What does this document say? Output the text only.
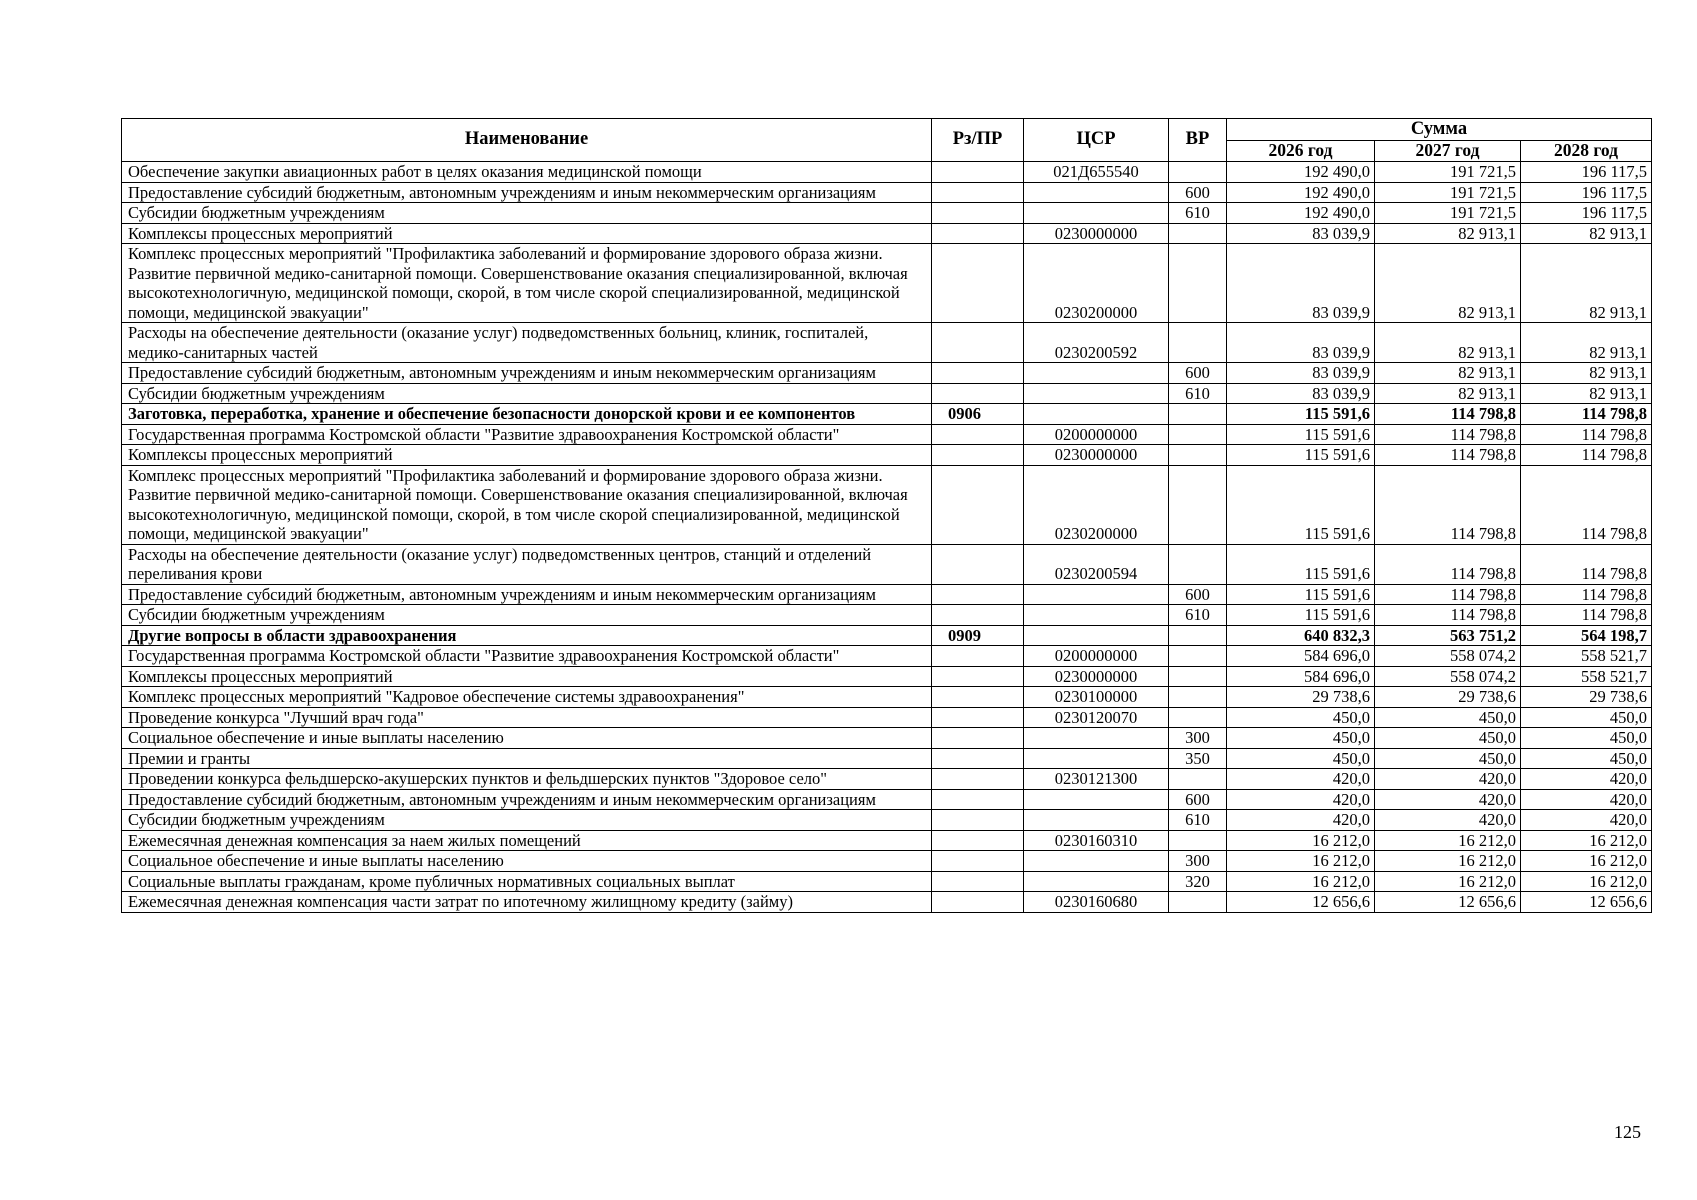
Наименование	Рз/ПР	ЦСР	ВР	Сумма		
				2026 год	2027 год	2028 год
Обеспечение закупки авиационных работ в целях оказания медицинской помощи		021Д655540		192 490,0	191 721,5	196 117,5
Предоставление субсидий бюджетным, автономным учреждениям и иным некоммерческим организациям			600	192 490,0	191 721,5	196 117,5
Субсидии бюджетным учреждениям			610	192 490,0	191 721,5	196 117,5
Комплексы процессных мероприятий		0230000000		83 039,9	82 913,1	82 913,1
Комплекс процессных мероприятий "Профилактика заболеваний и формирование здорового образа жизни. Развитие первичной медико-санитарной помощи. Совершенствование оказания специализированной, включая высокотехнологичную, медицинской помощи, скорой, в том числе скорой специализированной, медицинской помощи, медицинской эвакуации"		0230200000		83 039,9	82 913,1	82 913,1
Расходы на обеспечение деятельности (оказание услуг) подведомственных больниц, клиник, госпиталей, медико-санитарных частей		0230200592		83 039,9	82 913,1	82 913,1
Предоставление субсидий бюджетным, автономным учреждениям и иным некоммерческим организациям			600	83 039,9	82 913,1	82 913,1
Субсидии бюджетным учреждениям			610	83 039,9	82 913,1	82 913,1
Заготовка, переработка, хранение и обеспечение безопасности донорской крови и ее компонентов	0906			115 591,6	114 798,8	114 798,8
Государственная программа Костромской области "Развитие здравоохранения Костромской области"		0200000000		115 591,6	114 798,8	114 798,8
Комплексы процессных мероприятий		0230000000		115 591,6	114 798,8	114 798,8
Комплекс процессных мероприятий "Профилактика заболеваний и формирование здорового образа жизни. Развитие первичной медико-санитарной помощи. Совершенствование оказания специализированной, включая высокотехнологичную, медицинской помощи, скорой, в том числе скорой специализированной, медицинской помощи, медицинской эвакуации"		0230200000		115 591,6	114 798,8	114 798,8
Расходы на обеспечение деятельности (оказание услуг) подведомственных центров, станций и отделений переливания крови		0230200594		115 591,6	114 798,8	114 798,8
Предоставление субсидий бюджетным, автономным учреждениям и иным некоммерческим организациям			600	115 591,6	114 798,8	114 798,8
Субсидии бюджетным учреждениям			610	115 591,6	114 798,8	114 798,8
Другие вопросы в области здравоохранения	0909			640 832,3	563 751,2	564 198,7
Государственная программа Костромской области "Развитие здравоохранения Костромской области"		0200000000		584 696,0	558 074,2	558 521,7
Комплексы процессных мероприятий		0230000000		584 696,0	558 074,2	558 521,7
Комплекс процессных мероприятий "Кадровое обеспечение системы здравоохранения"		0230100000		29 738,6	29 738,6	29 738,6
Проведение конкурса "Лучший врач года"		0230120070		450,0	450,0	450,0
Социальное обеспечение и иные выплаты населению			300	450,0	450,0	450,0
Премии и гранты			350	450,0	450,0	450,0
Проведении конкурса фельдшерско-акушерских пунктов и фельдшерских пунктов "Здоровое село"		0230121300		420,0	420,0	420,0
Предоставление субсидий бюджетным, автономным учреждениям и иным некоммерческим организациям			600	420,0	420,0	420,0
Субсидии бюджетным учреждениям			610	420,0	420,0	420,0
Ежемесячная денежная компенсация за наем жилых помещений		0230160310		16 212,0	16 212,0	16 212,0
Социальное обеспечение и иные выплаты населению			300	16 212,0	16 212,0	16 212,0
Социальные выплаты гражданам, кроме публичных нормативных социальных выплат			320	16 212,0	16 212,0	16 212,0
Ежемесячная денежная компенсация части затрат по ипотечному жилищному кредиту (займу)		0230160680		12 656,6	12 656,6	12 656,6
125
